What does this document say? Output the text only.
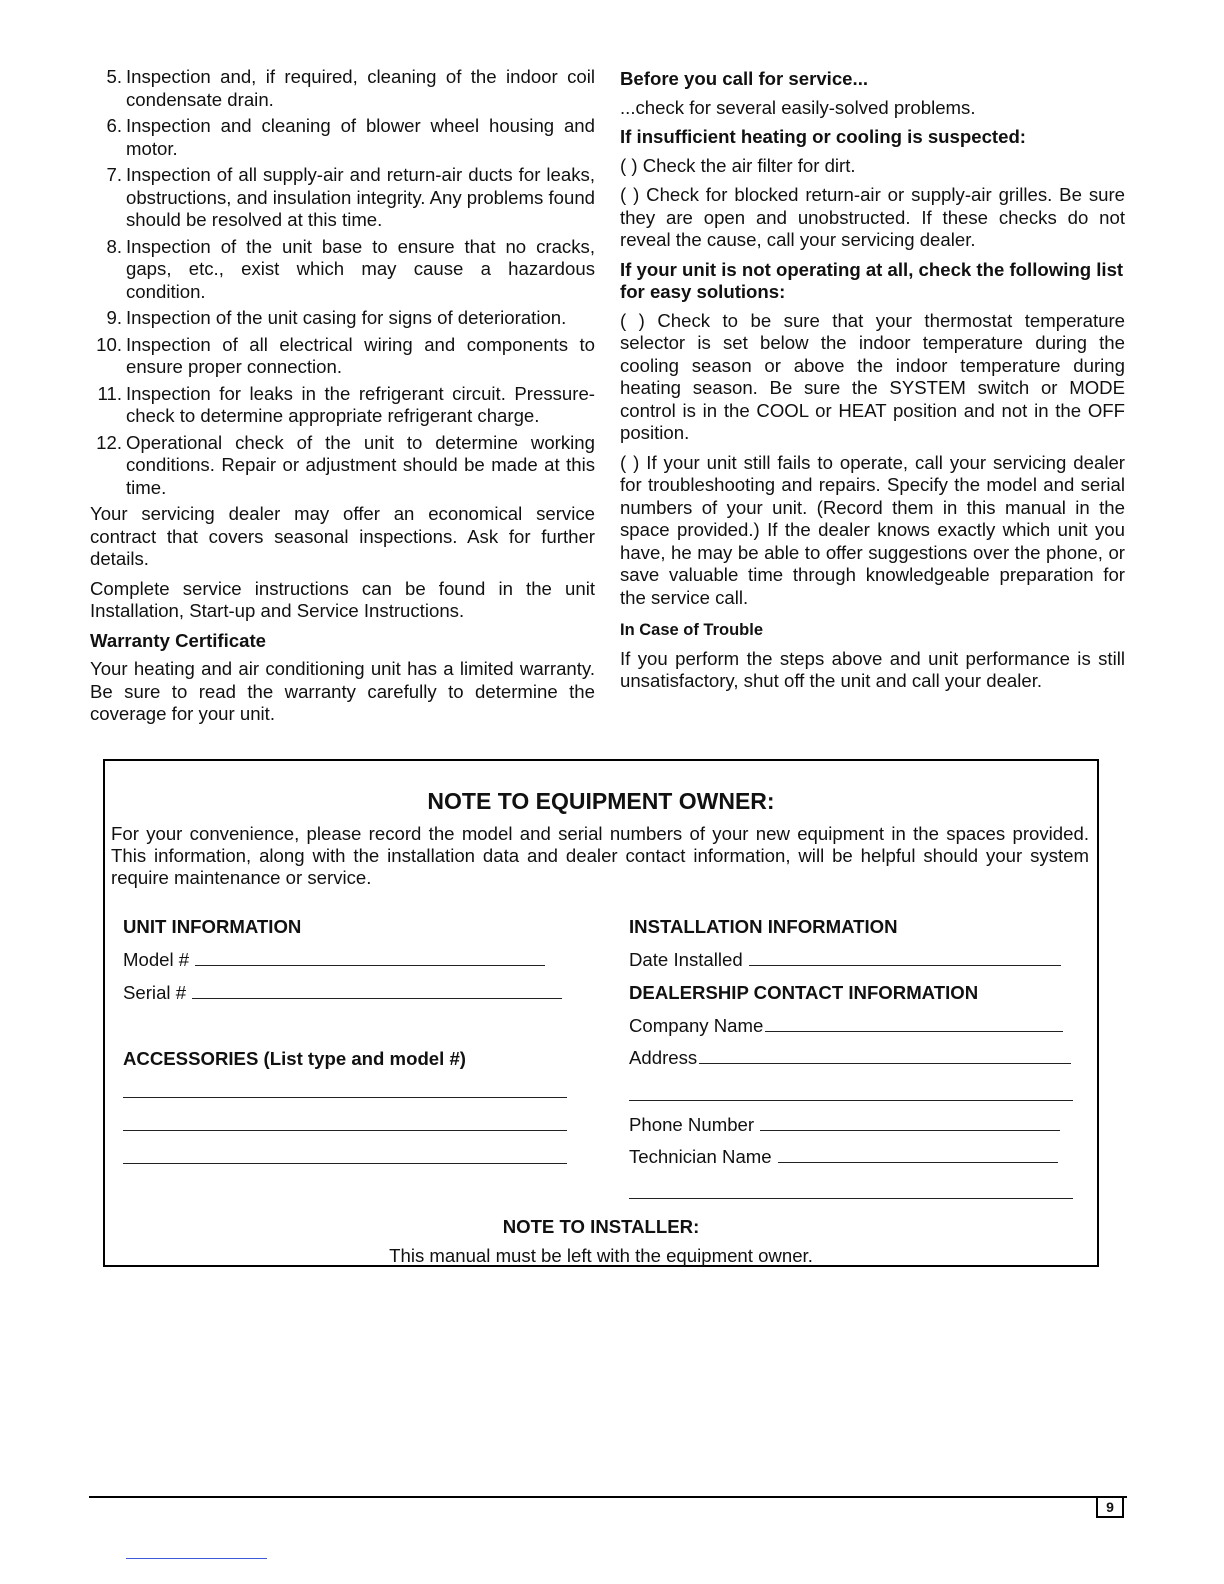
5. Inspection and, if required, cleaning of the indoor coil condensate drain.
6. Inspection and cleaning of blower wheel housing and motor.
7. Inspection of all supply-air and return-air ducts for leaks, obstructions, and insulation integrity. Any problems found should be resolved at this time.
8. Inspection of the unit base to ensure that no cracks, gaps, etc., exist which may cause a hazardous condition.
9. Inspection of the unit casing for signs of deterioration.
10. Inspection of all electrical wiring and components to ensure proper connection.
11. Inspection for leaks in the refrigerant circuit. Pressure-check to determine appropriate refrigerant charge.
12. Operational check of the unit to determine working conditions. Repair or adjustment should be made at this time.

Your servicing dealer may offer an economical service contract that covers seasonal inspections. Ask for further details.

Complete service instructions can be found in the unit Installation, Start-up and Service Instructions.

Warranty Certificate

Your heating and air conditioning unit has a limited warranty. Be sure to read the warranty carefully to determine the coverage for your unit.

Before you call for service...

...check for several easily-solved problems.

If insufficient heating or cooling is suspected:

( ) Check the air filter for dirt.

( ) Check for blocked return-air or supply-air grilles. Be sure they are open and unobstructed. If these checks do not reveal the cause, call your servicing dealer.

If your unit is not operating at all, check the following list for easy solutions:

( ) Check to be sure that your thermostat temperature selector is set below the indoor temperature during the cooling season or above the indoor temperature during heating season. Be sure the SYSTEM switch or MODE control is in the COOL or HEAT position and not in the OFF position.

( ) If your unit still fails to operate, call your servicing dealer for troubleshooting and repairs. Specify the model and serial numbers of your unit. (Record them in this manual in the space provided.) If the dealer knows exactly which unit you have, he may be able to offer suggestions over the phone, or save valuable time through knowledgeable preparation for the service call.

In Case of Trouble

If you perform the steps above and unit performance is still unsatisfactory, shut off the unit and call your dealer.

NOTE TO EQUIPMENT OWNER:
For your convenience, please record the model and serial numbers of your new equipment in the spaces provided. This information, along with the installation data and dealer contact information, will be helpful should your system require maintenance or service.
UNIT INFORMATION
Model #
Serial #
ACCESSORIES (List type and model #)
INSTALLATION INFORMATION
Date Installed
DEALERSHIP CONTACT INFORMATION
Company Name
Address
Phone Number
Technician Name
NOTE TO INSTALLER:
This manual must be left with the equipment owner.
9
